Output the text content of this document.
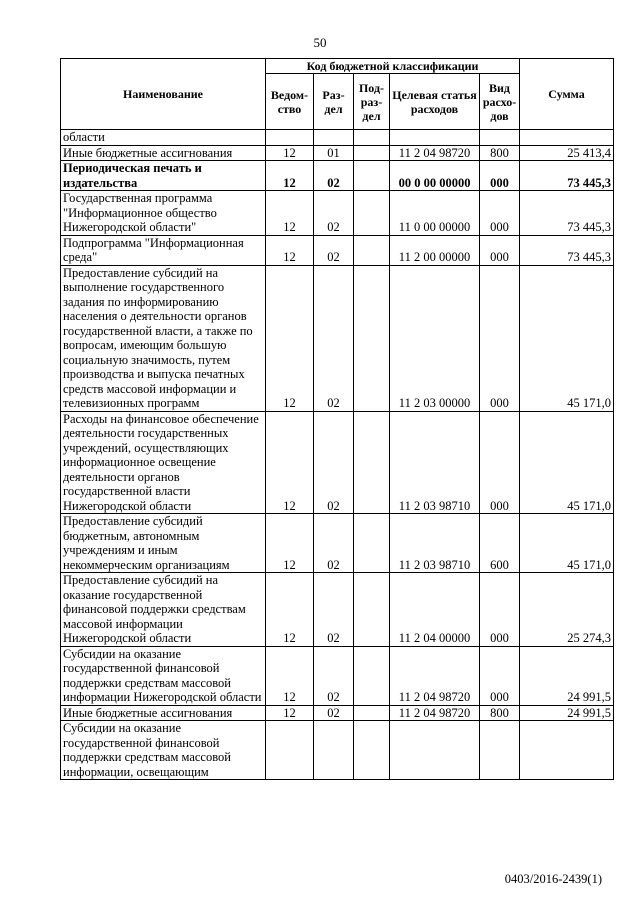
50
Наименование	Код бюджетной классификации					Сумма
	Ведом-ство	Раз-дел	Под-раз-дел	Целевая статья расходов	Вид расхо-дов	
области						
Иные бюджетные ассигнования	12	01		11 2 04 98720	800	25 413,4
Периодическая печать и издательства	12	02		00 0 00 00000	000	73 445,3
Государственная программа "Информационное общество Нижегородской области"	12	02		11 0 00 00000	000	73 445,3
Подпрограмма "Информационная среда"	12	02		11 2 00 00000	000	73 445,3
Предоставление субсидий на выполнение государственного задания по информированию населения о деятельности органов государственной власти, а также по вопросам, имеющим большую социальную значимость, путем производства и выпуска печатных средств массовой информации и телевизионных программ	12	02		11 2 03 00000	000	45 171,0
Расходы на финансовое обеспечение деятельности государственных учреждений, осуществляющих информационное освещение деятельности органов государственной власти Нижегородской области	12	02		11 2 03 98710	000	45 171,0
Предоставление субсидий бюджетным, автономным учреждениям и иным некоммерческим организациям	12	02		11 2 03 98710	600	45 171,0
Предоставление субсидий на оказание государственной финансовой поддержки средствам массовой информации Нижегородской области	12	02		11 2 04 00000	000	25 274,3
Субсидии на оказание государственной финансовой поддержки средствам массовой информации Нижегородской области	12	02		11 2 04 98720	000	24 991,5
Иные бюджетные ассигнования	12	02		11 2 04 98720	800	24 991,5
Субсидии на оказание государственной финансовой поддержки средствам массовой информации, освещающим						
0403/2016-2439(1)
